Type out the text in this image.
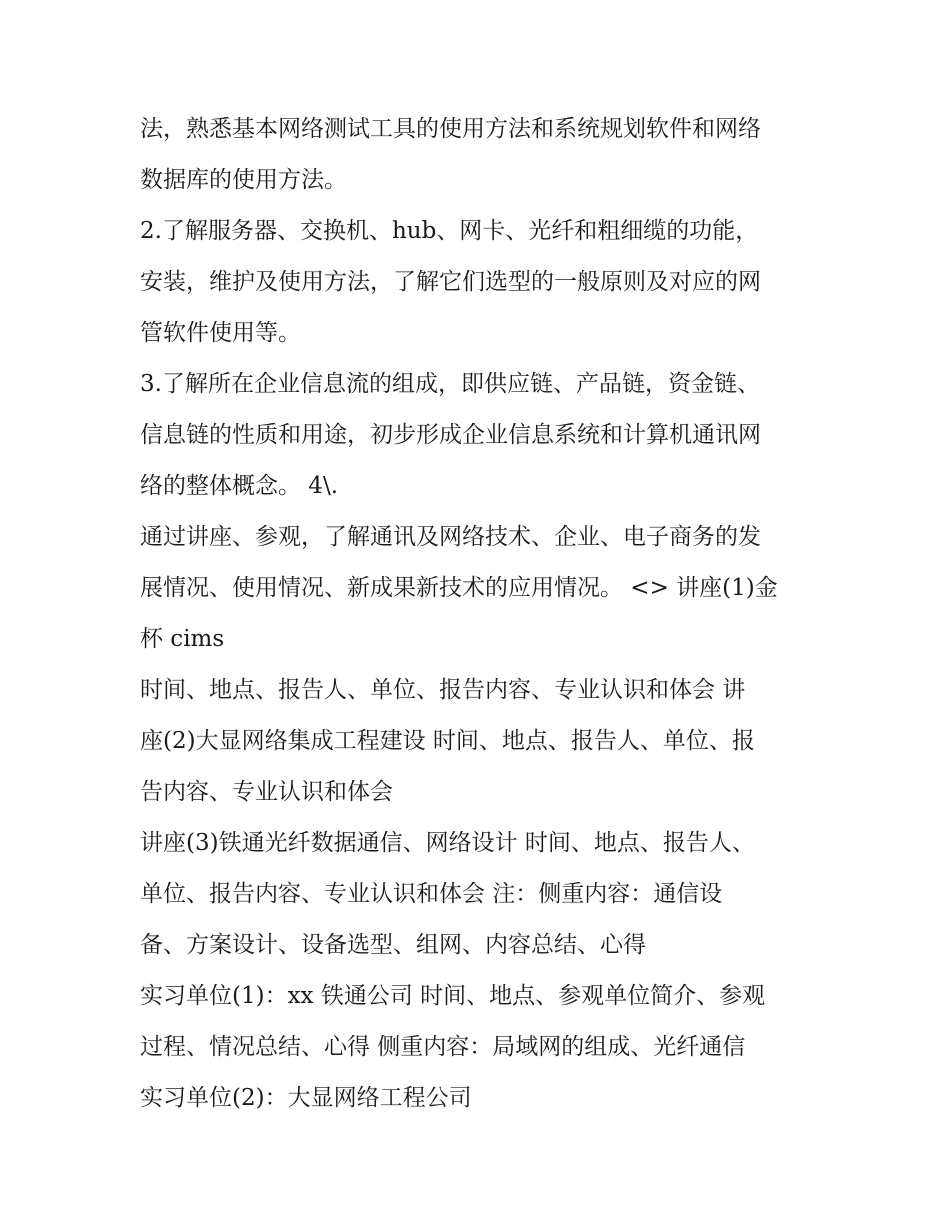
法，熟悉基本网络测试工具的使用方法和系统规划软件和网络
数据库的使用方法。
2.了解服务器、交换机、hub、网卡、光纤和粗细缆的功能，
安装，维护及使用方法，了解它们选型的一般原则及对应的网
管软件使用等。
3.了解所在企业信息流的组成，即供应链、产品链，资金链、
信息链的性质和用途，初步形成企业信息系统和计算机通讯网
络的整体概念。 4\.
通过讲座、参观，了解通讯及网络技术、企业、电子商务的发
展情况、使用情况、新成果新技术的应用情况。 <> 讲座(1)金
杯 cims
时间、地点、报告人、单位、报告内容、专业认识和体会 讲
座(2)大显网络集成工程建设 时间、地点、报告人、单位、报
告内容、专业认识和体会
讲座(3)铁通光纤数据通信、网络设计 时间、地点、报告人、
单位、报告内容、专业认识和体会 注：侧重内容：通信设
备、方案设计、设备选型、组网、内容总结、心得
实习单位(1)：xx 铁通公司 时间、地点、参观单位简介、参观
过程、情况总结、心得 侧重内容：局域网的组成、光纤通信
实习单位(2)：大显网络工程公司
